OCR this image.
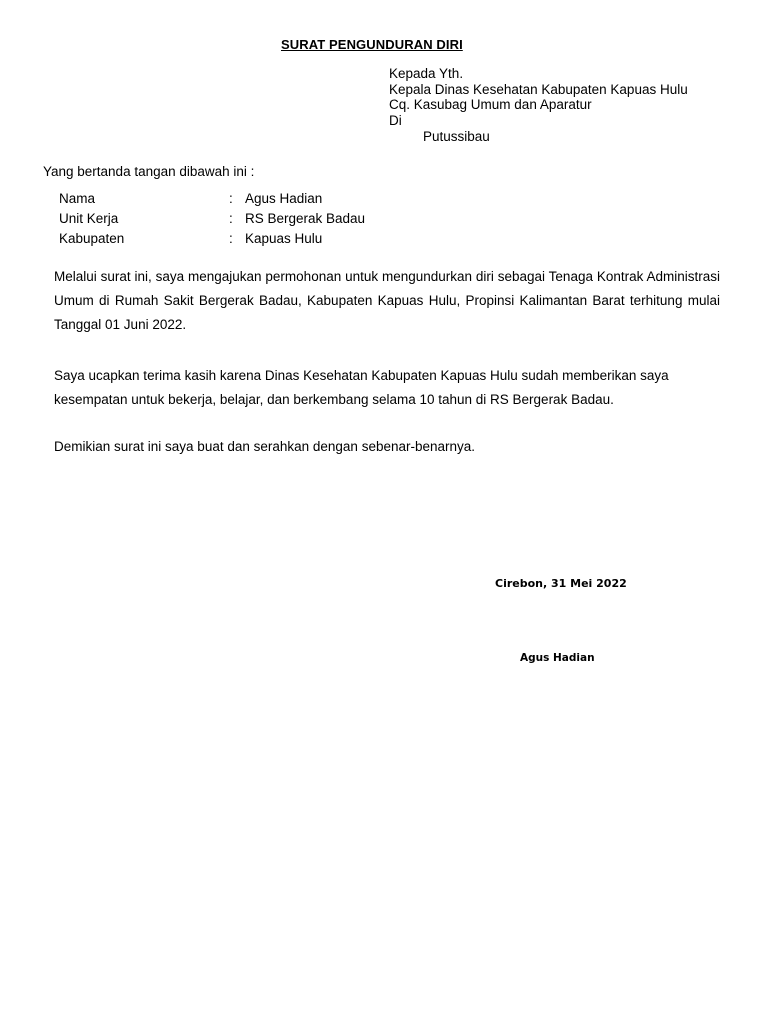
SURAT PENGUNDURAN DIRI
Kepada Yth.
Kepala Dinas Kesehatan Kabupaten Kapuas Hulu
Cq. Kasubag Umum dan Aparatur
Di
Putussibau
Yang bertanda tangan dibawah ini :
Nama	: Agus Hadian
Unit Kerja	: RS Bergerak Badau
Kabupaten	: Kapuas Hulu
Melalui surat ini, saya mengajukan permohonan untuk mengundurkan diri sebagai Tenaga Kontrak Administrasi Umum di Rumah Sakit Bergerak Badau, Kabupaten Kapuas Hulu, Propinsi Kalimantan Barat terhitung mulai Tanggal 01 Juni 2022.
Saya ucapkan terima kasih karena Dinas Kesehatan Kabupaten Kapuas Hulu sudah memberikan saya kesempatan untuk bekerja, belajar, dan berkembang selama 10 tahun di RS Bergerak Badau.
Demikian surat ini saya buat dan serahkan dengan sebenar-benarnya.
Cirebon, 31 Mei 2022
Agus Hadian
